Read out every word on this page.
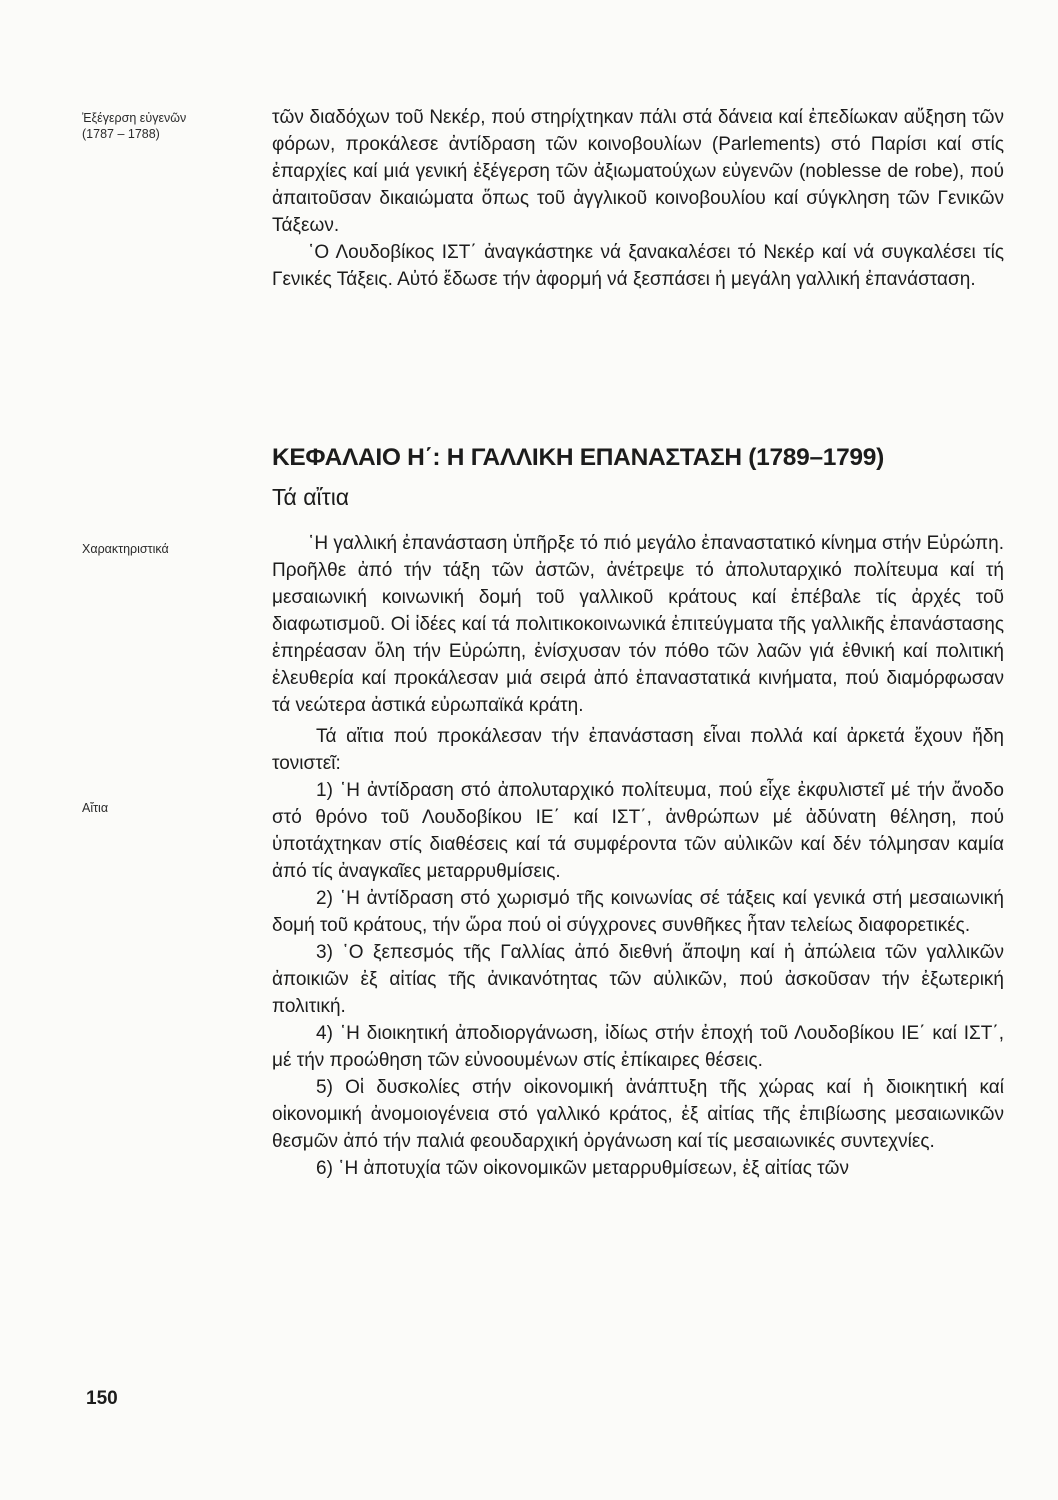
Ἐξέγερση εὐγενῶν
(1787 – 1788)
Χαρακτηριστικά
Αἴτια

τῶν διαδόχων τοῦ Νεκέρ, πού στηρίχτηκαν πάλι στά δάνεια καί ἐπεδίωκαν αὔξηση τῶν φόρων, προκάλεσε ἀντίδραση τῶν κοινοβουλίων (Parlements) στό Παρίσι καί στίς ἐπαρχίες καί μιά γενική ἐξέγερση τῶν ἀξιωματούχων εὐγενῶν (noblesse de robe), πού ἀπαιτοῦσαν δικαιώματα ὅπως τοῦ ἀγγλικοῦ κοινοβουλίου καί σύγκληση τῶν Γενικῶν Τάξεων.

῾Ο Λουδοβίκος ΙΣΤ΄ ἀναγκάστηκε νά ξανακαλέσει τό Νεκέρ καί νά συγκαλέσει τίς Γενικές Τάξεις. Αὐτό ἔδωσε τήν ἀφορμή νά ξεσπάσει ἡ μεγάλη γαλλική ἐπανάσταση.

ΚΕΦΑΛΑΙΟ Η΄: Η ΓΑΛΛΙΚΗ ΕΠΑΝΑΣΤΑΣΗ (1789–1799)
Τά αἴτια

῾Η γαλλική ἐπανάσταση ὑπῆρξε τό πιό μεγάλο ἐπαναστατικό κίνημα στήν Εὐρώπη. Προῆλθε ἀπό τήν τάξη τῶν ἀστῶν, ἀνέτρεψε τό ἀπολυταρχικό πολίτευμα καί τή μεσαιωνική κοινωνική δομή τοῦ γαλλικοῦ κράτους καί ἐπέβαλε τίς ἀρχές τοῦ διαφωτισμοῦ. Οἱ ἰδέες καί τά πολιτικοκοινωνικά ἐπιτεύγματα τῆς γαλλικῆς ἐπανάστασης ἐπηρέασαν ὅλη τήν Εὐρώπη, ἐνίσχυσαν τόν πόθο τῶν λαῶν γιά ἐθνική καί πολιτική ἐλευθερία καί προκάλεσαν μιά σειρά ἀπό ἐπαναστατικά κινήματα, πού διαμόρφωσαν τά νεώτερα ἀστικά εὐρωπαϊκά κράτη.

Τά αἴτια πού προκάλεσαν τήν ἐπανάσταση εἶναι πολλά καί ἀρκετά ἔχουν ἤδη τονιστεῖ:

1) ῾Η ἀντίδραση στό ἀπολυταρχικό πολίτευμα, πού εἶχε ἐκφυλιστεῖ μέ τήν ἄνοδο στό θρόνο τοῦ Λουδοβίκου ΙΕ΄ καί ΙΣΤ΄, ἀνθρώπων μέ ἀδύνατη θέληση, πού ὑποτάχτηκαν στίς διαθέσεις καί τά συμφέροντα τῶν αὐλικῶν καί δέν τόλμησαν καμία ἀπό τίς ἀναγκαῖες μεταρρυθμίσεις.

2) ῾Η ἀντίδραση στό χωρισμό τῆς κοινωνίας σέ τάξεις καί γενικά στή μεσαιωνική δομή τοῦ κράτους, τήν ὥρα πού οἱ σύγχρονες συνθῆκες ἦταν τελείως διαφορετικές.

3) ῾Ο ξεπεσμός τῆς Γαλλίας ἀπό διεθνή ἄποψη καί ἡ ἀπώλεια τῶν γαλλικῶν ἀποικιῶν ἐξ αἰτίας τῆς ἀνικανότητας τῶν αὐλικῶν, πού ἀσκοῦσαν τήν ἐξωτερική πολιτική.

4) ῾Η διοικητική ἀποδιοργάνωση, ἰδίως στήν ἐποχή τοῦ Λουδοβίκου ΙΕ΄ καί ΙΣΤ΄, μέ τήν προώθηση τῶν εὐνοουμένων στίς ἐπίκαιρες θέσεις.

5) Οἱ δυσκολίες στήν οἰκονομική ἀνάπτυξη τῆς χώρας καί ἡ διοικητική καί οἰκονομική ἀνομοιογένεια στό γαλλικό κράτος, ἐξ αἰτίας τῆς ἐπιβίωσης μεσαιωνικῶν θεσμῶν ἀπό τήν παλιά φεουδαρχική ὀργάνωση καί τίς μεσαιωνικές συντεχνίες.

6) ῾Η ἀποτυχία τῶν οἰκονομικῶν μεταρρυθμίσεων, ἐξ αἰτίας τῶν

150
